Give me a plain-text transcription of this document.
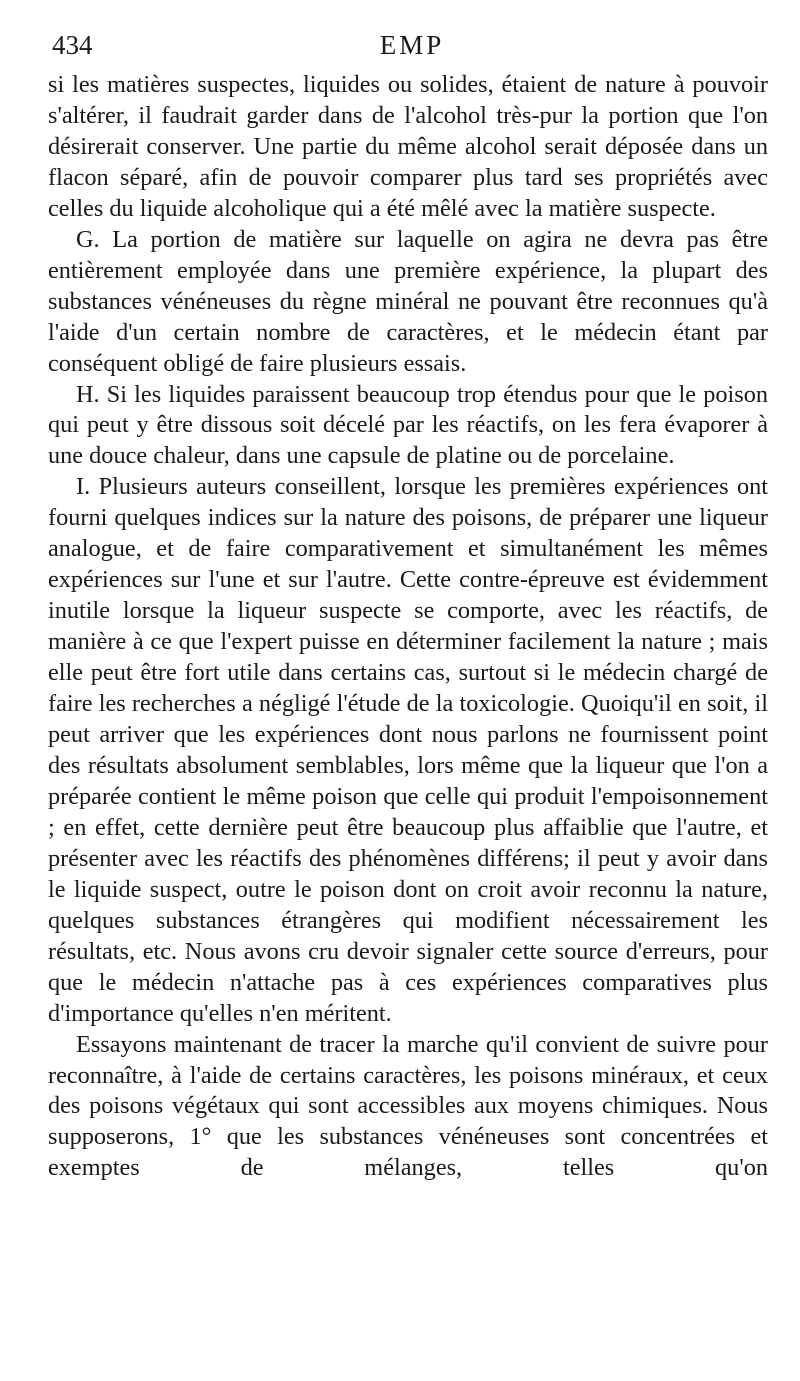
434	EMP

si les matières suspectes, liquides ou solides, étaient de nature à pouvoir s'altérer, il faudrait garder dans de l'alcohol très-pur la portion que l'on désirerait conserver. Une partie du même alcohol serait déposée dans un flacon séparé, afin de pouvoir comparer plus tard ses propriétés avec celles du liquide alcoholique qui a été mêlé avec la matière suspecte.

G. La portion de matière sur laquelle on agira ne devra pas être entièrement employée dans une première expérience, la plupart des substances vénéneuses du règne minéral ne pouvant être reconnues qu'à l'aide d'un certain nombre de caractères, et le médecin étant par conséquent obligé de faire plusieurs essais.

H. Si les liquides paraissent beaucoup trop étendus pour que le poison qui peut y être dissous soit décelé par les réactifs, on les fera évaporer à une douce chaleur, dans une capsule de platine ou de porcelaine.

I. Plusieurs auteurs conseillent, lorsque les premières expériences ont fourni quelques indices sur la nature des poisons, de préparer une liqueur analogue, et de faire comparativement et simultanément les mêmes expériences sur l'une et sur l'autre. Cette contre-épreuve est évidemment inutile lorsque la liqueur suspecte se comporte, avec les réactifs, de manière à ce que l'expert puisse en déterminer facilement la nature ; mais elle peut être fort utile dans certains cas, surtout si le médecin chargé de faire les recherches a négligé l'étude de la toxicologie. Quoiqu'il en soit, il peut arriver que les expériences dont nous parlons ne fournissent point des résultats absolument semblables, lors même que la liqueur que l'on a préparée contient le même poison que celle qui produit l'empoisonnement ; en effet, cette dernière peut être beaucoup plus affaiblie que l'autre, et présenter avec les réactifs des phénomènes différens; il peut y avoir dans le liquide suspect, outre le poison dont on croit avoir reconnu la nature, quelques substances étrangères qui modifient nécessairement les résultats, etc. Nous avons cru devoir signaler cette source d'erreurs, pour que le médecin n'attache pas à ces expériences comparatives plus d'importance qu'elles n'en méritent.

Essayons maintenant de tracer la marche qu'il convient de suivre pour reconnaître, à l'aide de certains caractères, les poisons minéraux, et ceux des poisons végétaux qui sont accessibles aux moyens chimiques. Nous supposerons, 1° que les substances vénéneuses sont concentrées et exemptes de mélanges, telles qu'on
